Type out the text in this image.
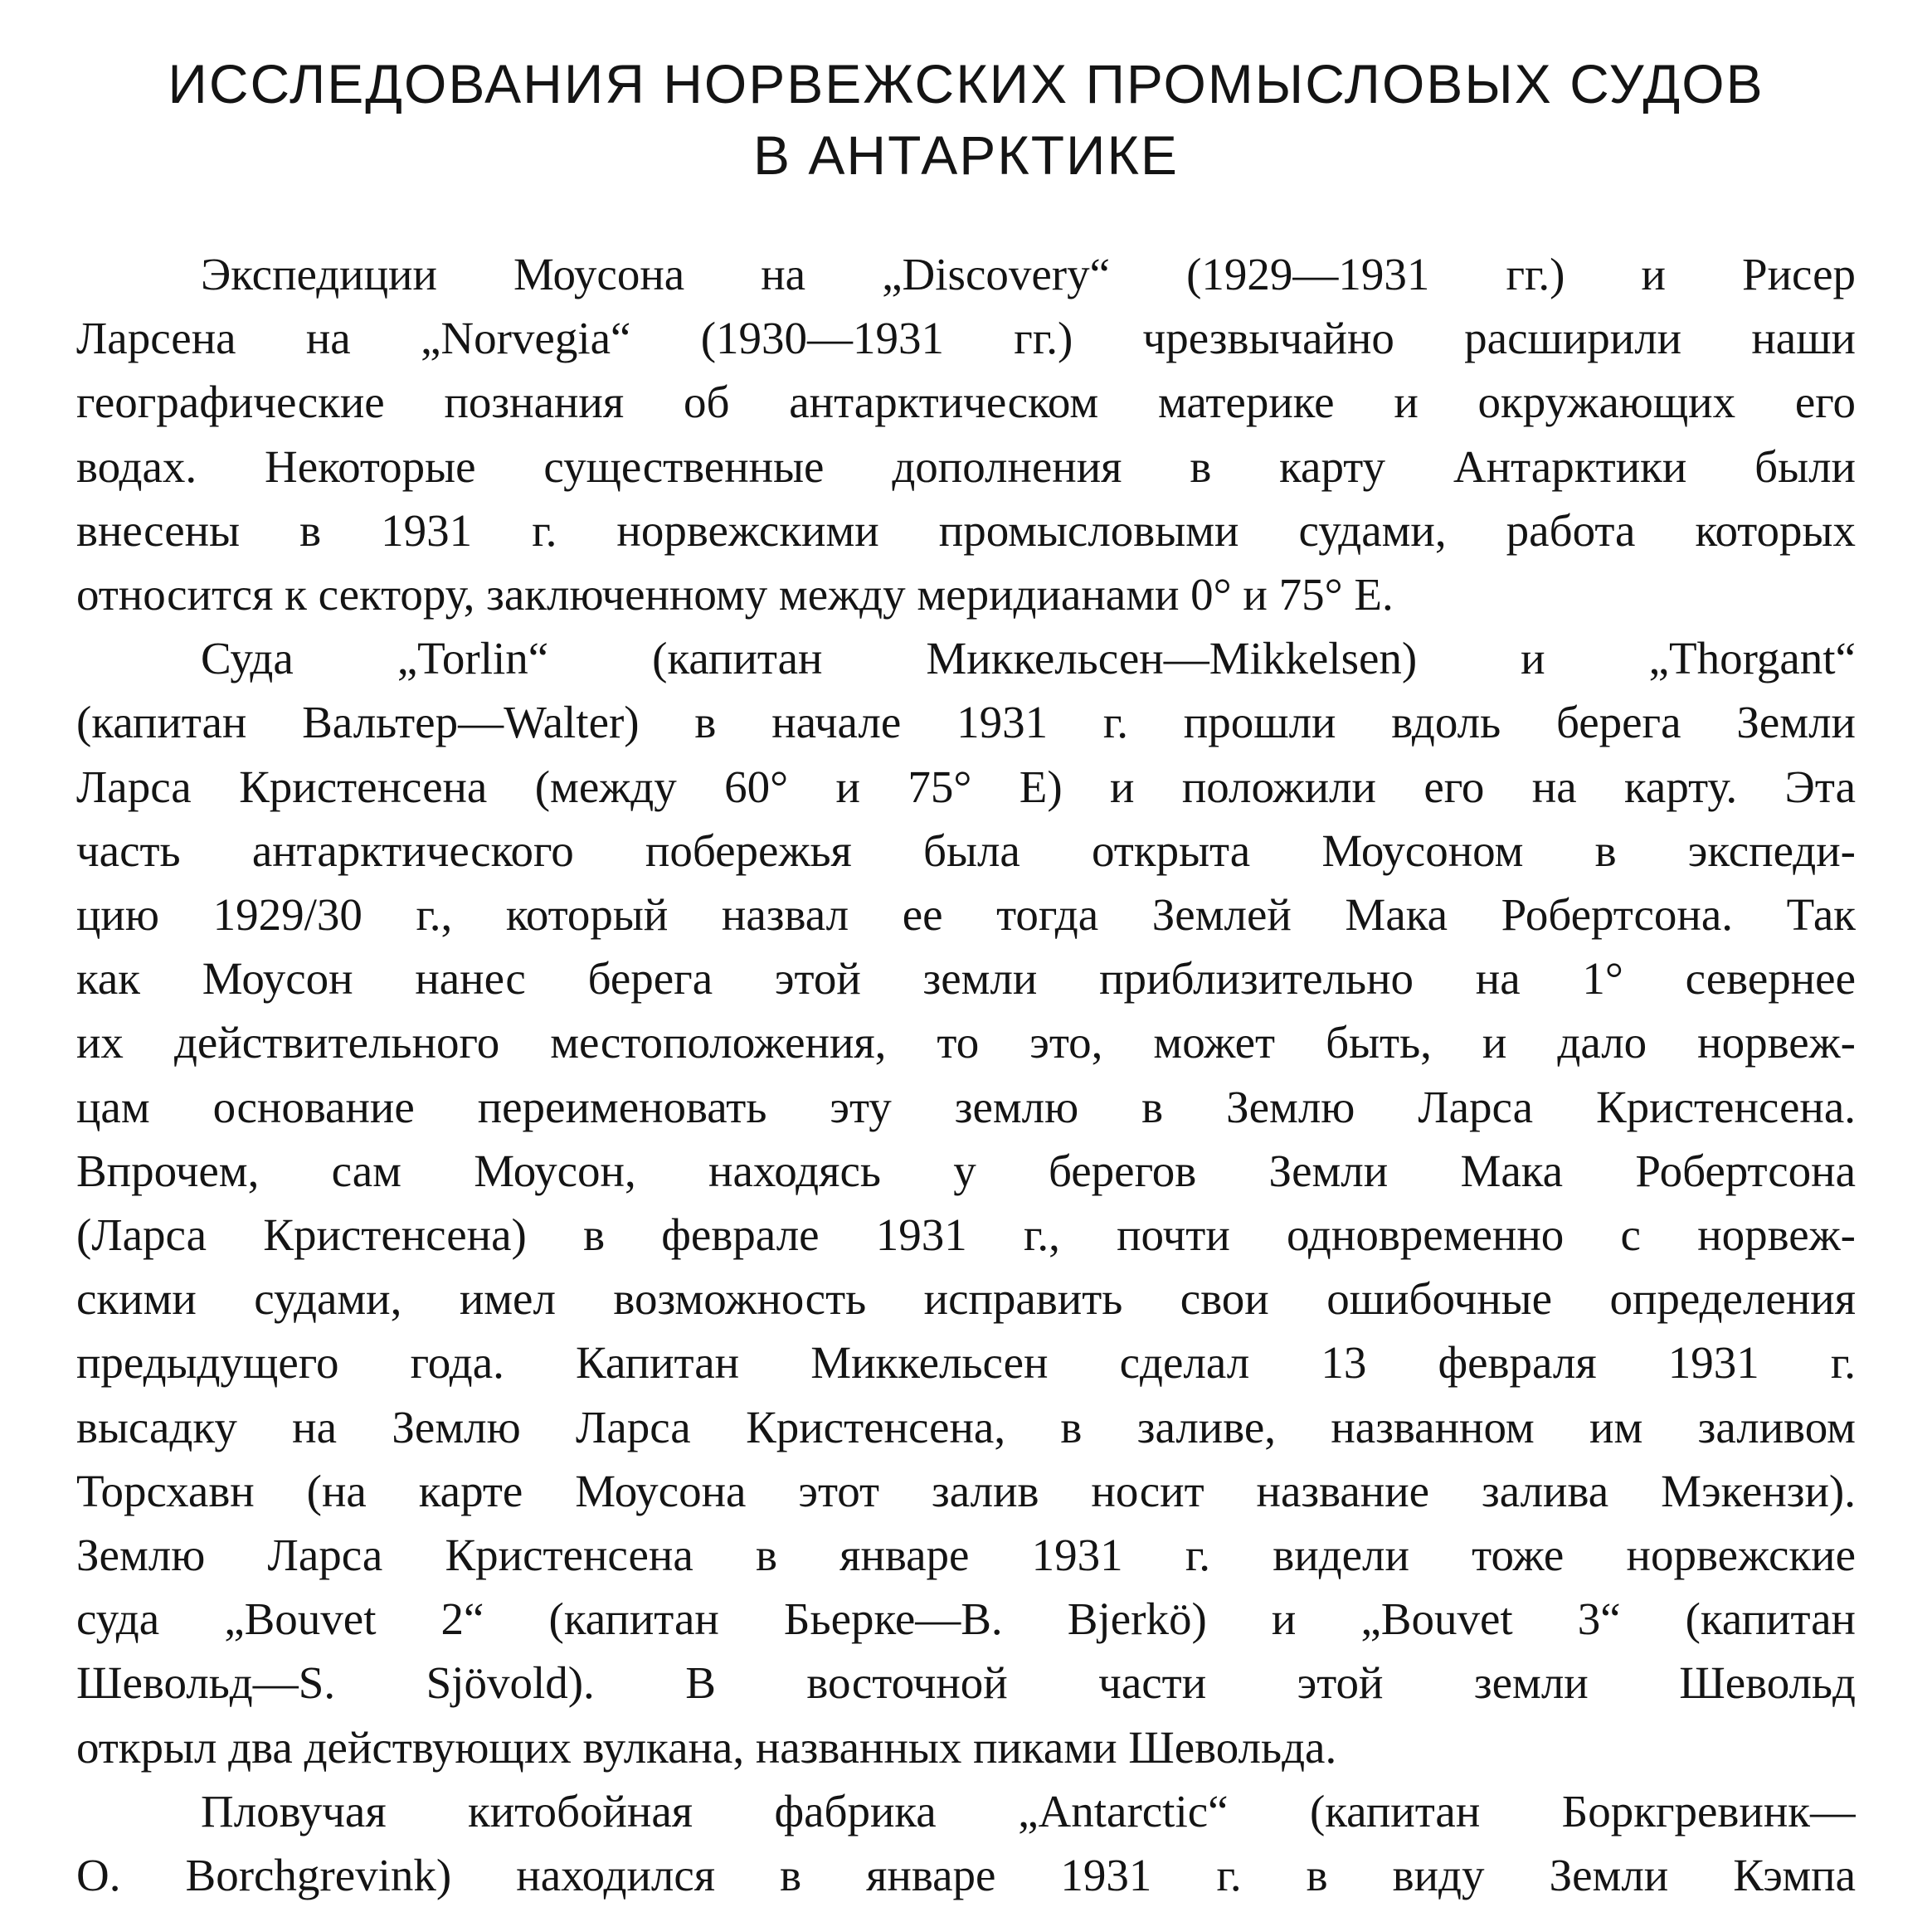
ИССЛЕДОВАНИЯ НОРВЕЖСКИХ ПРОМЫСЛОВЫХ СУДОВ
В АНТАРКТИКЕ

Экспедиции Моусона на „Discovery“ (1929—1931 гг.) и Рисер
Ларсена на „Norvegia“ (1930—1931 гг.) чрезвычайно расширили наши
географические познания об антарктическом материке и окружающих его
водах. Некоторые существенные дополнения в карту Антарктики были
внесены в 1931 г. норвежскими промысловыми судами, работа которых
относится к сектору, заключенному между меридианами 0° и 75° E.

Суда „Torlin“ (капитан Миккельсен—Mikkelsen) и „Thorgant“
(капитан Вальтер—Walter) в начале 1931 г. прошли вдоль берега Земли
Ларса Кристенсена (между 60° и 75° E) и положили его на карту. Эта
часть антарктического побережья была открыта Моусоном в экспеди-
цию 1929/30 г., который назвал ее тогда Землей Мака Робертсона. Так
как Моусон нанес берега этой земли приблизительно на 1° севернее
их действительного местоположения, то это, может быть, и дало норвеж-
цам основание переименовать эту землю в Землю Ларса Кристенсена.
Впрочем, сам Моусон, находясь у берегов Земли Мака Робертсона
(Ларса Кристенсена) в феврале 1931 г., почти одновременно с норвеж-
скими судами, имел возможность исправить свои ошибочные определения
предыдущего года. Капитан Миккельсен сделал 13 февраля 1931 г.
высадку на Землю Ларса Кристенсена, в заливе, названном им заливом
Торсхавн (на карте Моусона этот залив носит название залива Мэкензи).
Землю Ларса Кристенсена в январе 1931 г. видели тоже норвежские
суда „Bouvet 2“ (капитан Бьерке—B. Bjerkö) и „Bouvet 3“ (капитан
Шевольд—S. Sjövold). В восточной части этой земли Шевольд
открыл два действующих вулкана, названных пиками Шевольда.

Пловучая китобойная фабрика „Antarctic“ (капитан Боркгревинк—
O. Borchgrevink) находился в январе 1931 г. в виду Земли Кэмпа
